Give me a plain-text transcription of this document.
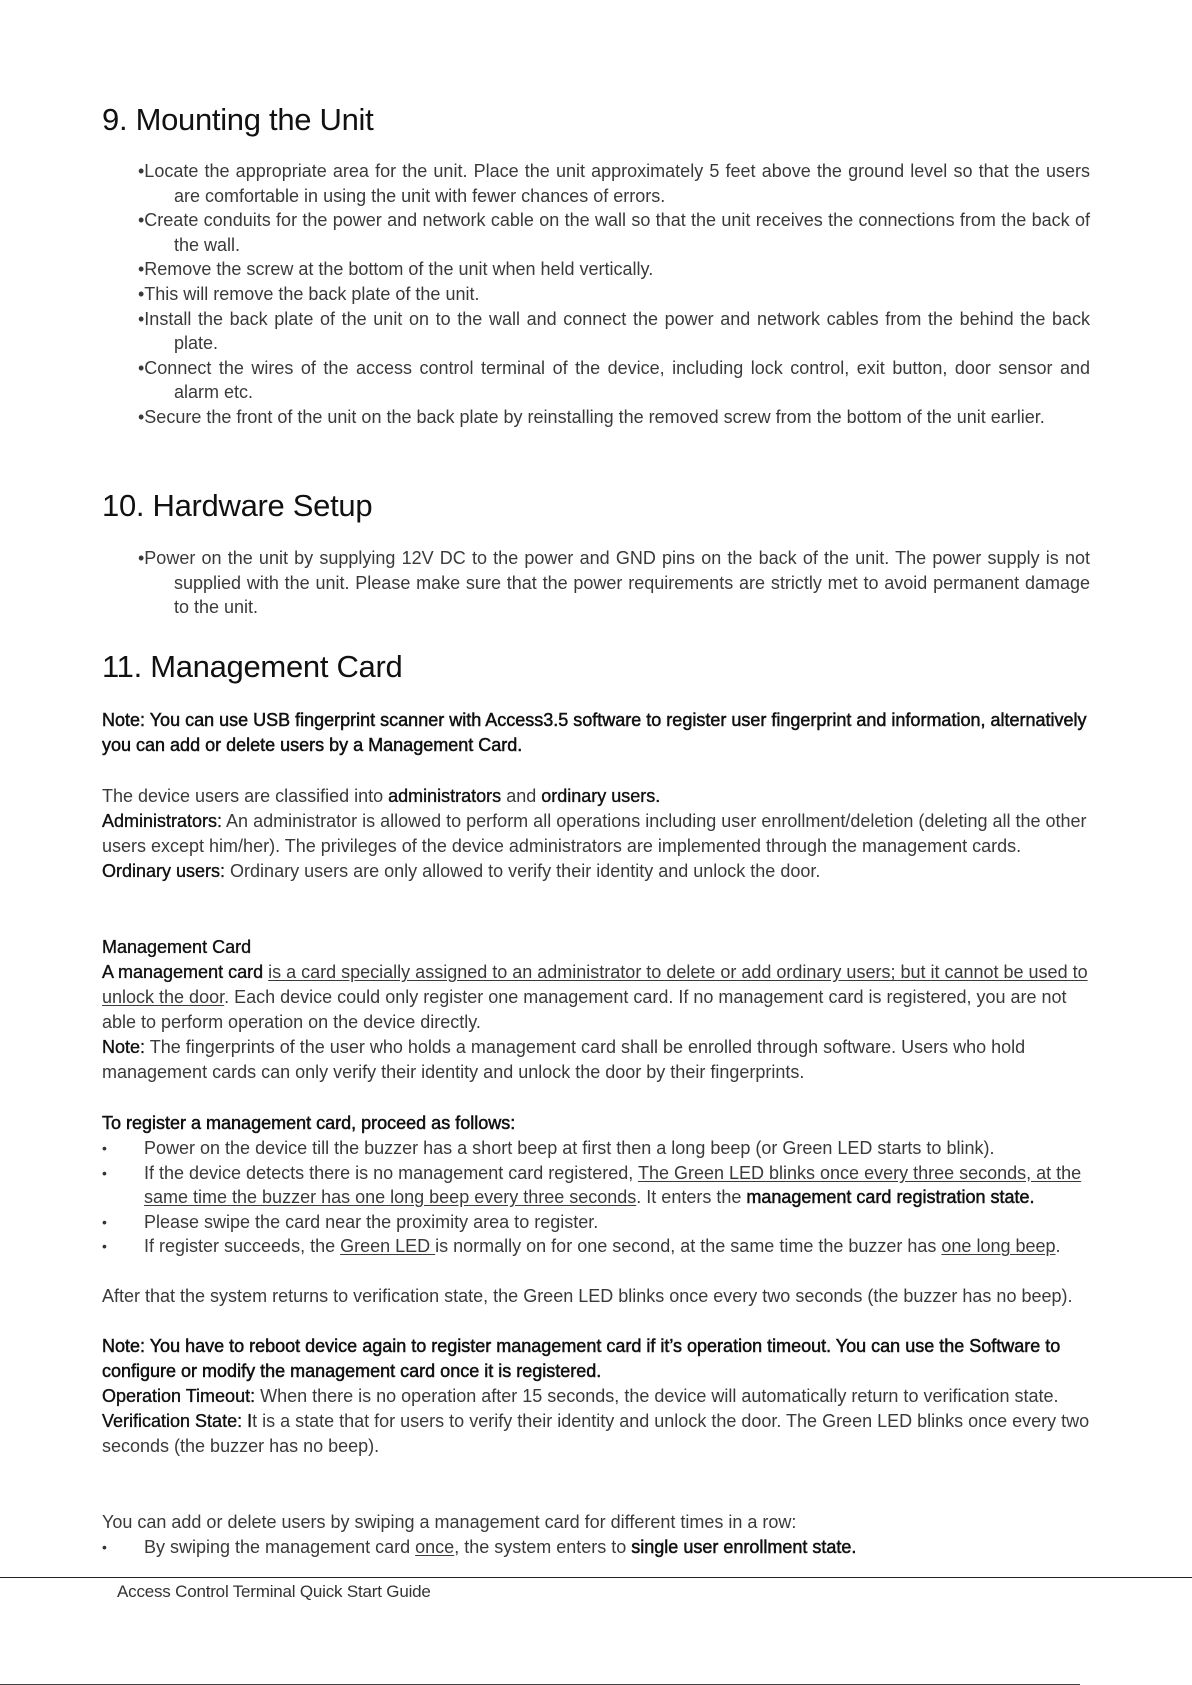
9. Mounting the Unit
•Locate the appropriate area for the unit. Place the unit approximately 5 feet above the ground level so that the users are comfortable in using the unit with fewer chances of errors.
•Create conduits for the power and network cable on the wall so that the unit receives the connections from the back of the wall.
•Remove the screw at the bottom of the unit when held vertically.
•This will remove the back plate of the unit.
•Install the back plate of the unit on to the wall and connect the power and network cables from the behind the back plate.
•Connect the wires of the access control terminal of the device, including lock control, exit button, door sensor and alarm etc.
•Secure the front of the unit on the back plate by reinstalling the removed screw from the bottom of the unit earlier.
10. Hardware Setup
•Power on the unit by supplying 12V DC to the power and GND pins on the back of the unit. The power supply is not supplied with the unit. Please make sure that the power requirements are strictly met to avoid permanent damage to the unit.
11. Management Card
Note: You can use USB fingerprint scanner with Access3.5 software to register user fingerprint and information, alternatively you can add or delete users by a Management Card.
The device users are classified into administrators and ordinary users.
Administrators: An administrator is allowed to perform all operations including user enrollment/deletion (deleting all the other users except him/her). The privileges of the device administrators are implemented through the management cards.
Ordinary users: Ordinary users are only allowed to verify their identity and unlock the door.
Management Card
A management card is a card specially assigned to an administrator to delete or add ordinary users; but it cannot be used to unlock the door. Each device could only register one management card. If no management card is registered, you are not able to perform operation on the device directly.
Note: The fingerprints of the user who holds a management card shall be enrolled through software. Users who hold management cards can only verify their identity and unlock the door by their fingerprints.
To register a management card, proceed as follows:
• Power on the device till the buzzer has a short beep at first then a long beep (or Green LED starts to blink).
• If the device detects there is no management card registered, The Green LED blinks once every three seconds, at the same time the buzzer has one long beep every three seconds. It enters the management card registration state.
• Please swipe the card near the proximity area to register.
• If register succeeds, the Green LED is normally on for one second, at the same time the buzzer has one long beep.
After that the system returns to verification state, the Green LED blinks once every two seconds (the buzzer has no beep).
Note: You have to reboot device again to register management card if it’s operation timeout. You can use the Software to configure or modify the management card once it is registered.
Operation Timeout: When there is no operation after 15 seconds, the device will automatically return to verification state.
Verification State: It is a state that for users to verify their identity and unlock the door. The Green LED blinks once every two seconds (the buzzer has no beep).
You can add or delete users by swiping a management card for different times in a row:
• By swiping the management card once, the system enters to single user enrollment state.
Access Control Terminal Quick Start Guide
